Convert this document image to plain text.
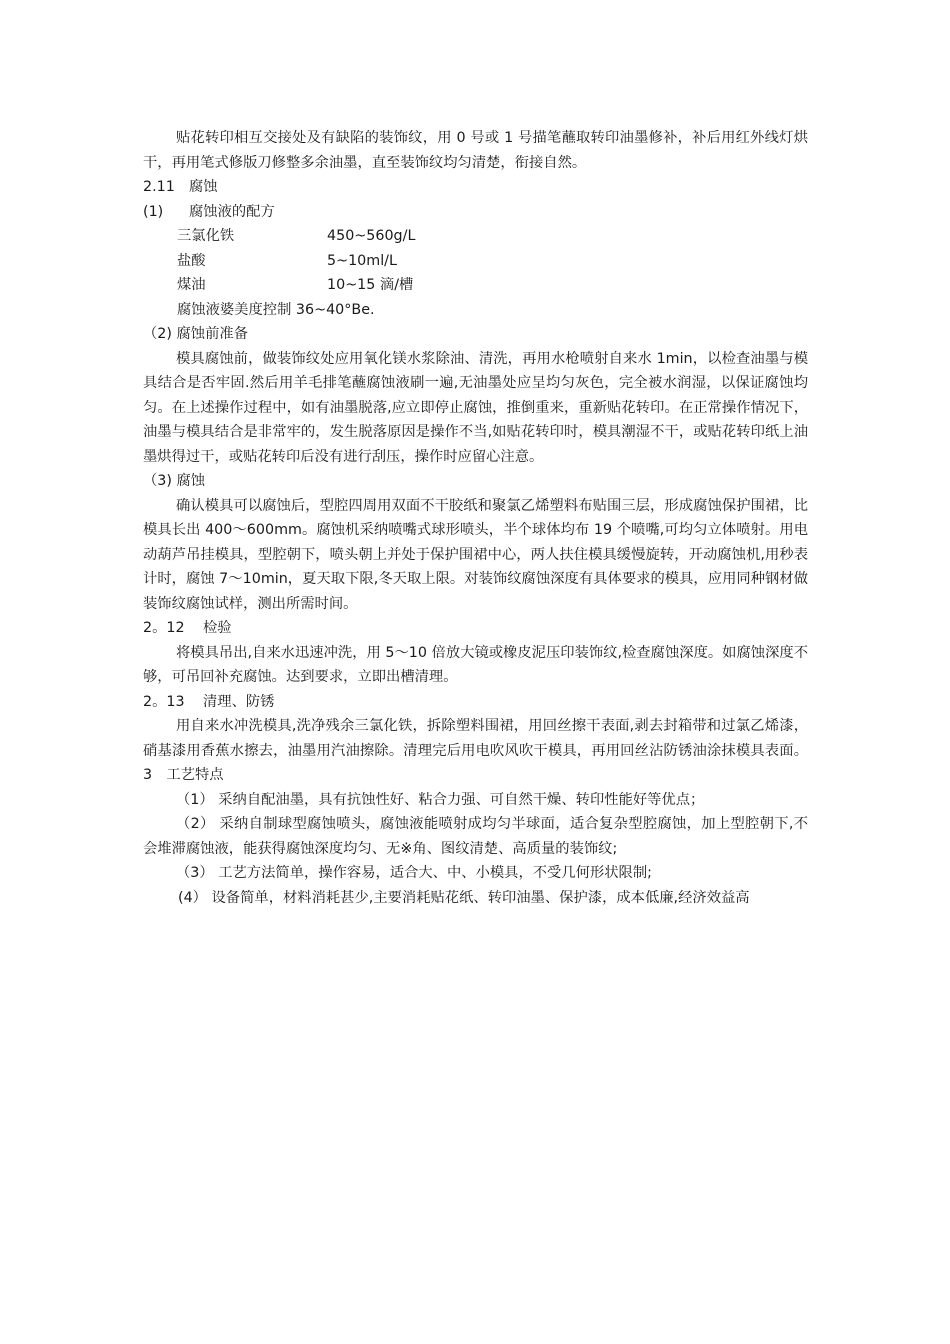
贴花转印相互交接处及有缺陷的装饰纹，用 0 号或 1 号描笔蘸取转印油墨修补，补后用红外线灯烘干，再用笔式修版刀修整多余油墨，直至装饰纹均匀清楚，衔接自然。

2.11 腐蚀

(1) 腐蚀液的配方

三氯化铁	450~560g/L

盐酸	5~10ml/L

煤油	10~15 滴/槽

腐蚀液婆美度控制 36~40°Be.

（2) 腐蚀前准备

模具腐蚀前，做装饰纹处应用氧化镁水浆除油、清洗，再用水枪喷射自来水 1min，以检查油墨与模具结合是否牢固.然后用羊毛排笔蘸腐蚀液刷一遍,无油墨处应呈均匀灰色，完全被水润湿，以保证腐蚀均匀。在上述操作过程中，如有油墨脱落,应立即停止腐蚀，推倒重来，重新贴花转印。在正常操作情况下，油墨与模具结合是非常牢的，发生脱落原因是操作不当,如贴花转印时，模具潮湿不干，或贴花转印纸上油墨烘得过干，或贴花转印后没有进行刮压，操作时应留心注意。

（3) 腐蚀

确认模具可以腐蚀后，型腔四周用双面不干胶纸和聚氯乙烯塑料布贴围三层，形成腐蚀保护围裙，比模具长出 400～600mm。腐蚀机采纳喷嘴式球形喷头，半个球体均布 19 个喷嘴,可均匀立体喷射。用电动葫芦吊挂模具，型腔朝下，喷头朝上并处于保护围裙中心，两人扶住模具缓慢旋转，开动腐蚀机,用秒表计时，腐蚀 7～10min，夏天取下限,冬天取上限。对装饰纹腐蚀深度有具体要求的模具，应用同种钢材做装饰纹腐蚀试样，测出所需时间。

2。12 检验

将模具吊出,自来水迅速冲洗，用 5～10 倍放大镜或橡皮泥压印装饰纹,检查腐蚀深度。如腐蚀深度不够，可吊回补充腐蚀。达到要求，立即出槽清理。

2。13 清理、防锈

用自来水冲洗模具,洗净残余三氯化铁，拆除塑料围裙，用回丝擦干表面,剥去封箱带和过氯乙烯漆，硝基漆用香蕉水擦去，油墨用汽油擦除。清理完后用电吹风吹干模具，再用回丝沾防锈油涂抹模具表面。3　工艺特点

（1） 采纳自配油墨，具有抗蚀性好、粘合力强、可自然干燥、转印性能好等优点；

（2） 采纳自制球型腐蚀喷头，腐蚀液能喷射成均匀半球面，适合复杂型腔腐蚀，加上型腔朝下,不会堆滞腐蚀液，能获得腐蚀深度均匀、无※角、图纹清楚、高质量的装饰纹;

（3） 工艺方法简单，操作容易，适合大、中、小模具，不受几何形状限制;

(4） 设备简单，材料消耗甚少,主要消耗贴花纸、转印油墨、保护漆，成本低廉,经济效益高
